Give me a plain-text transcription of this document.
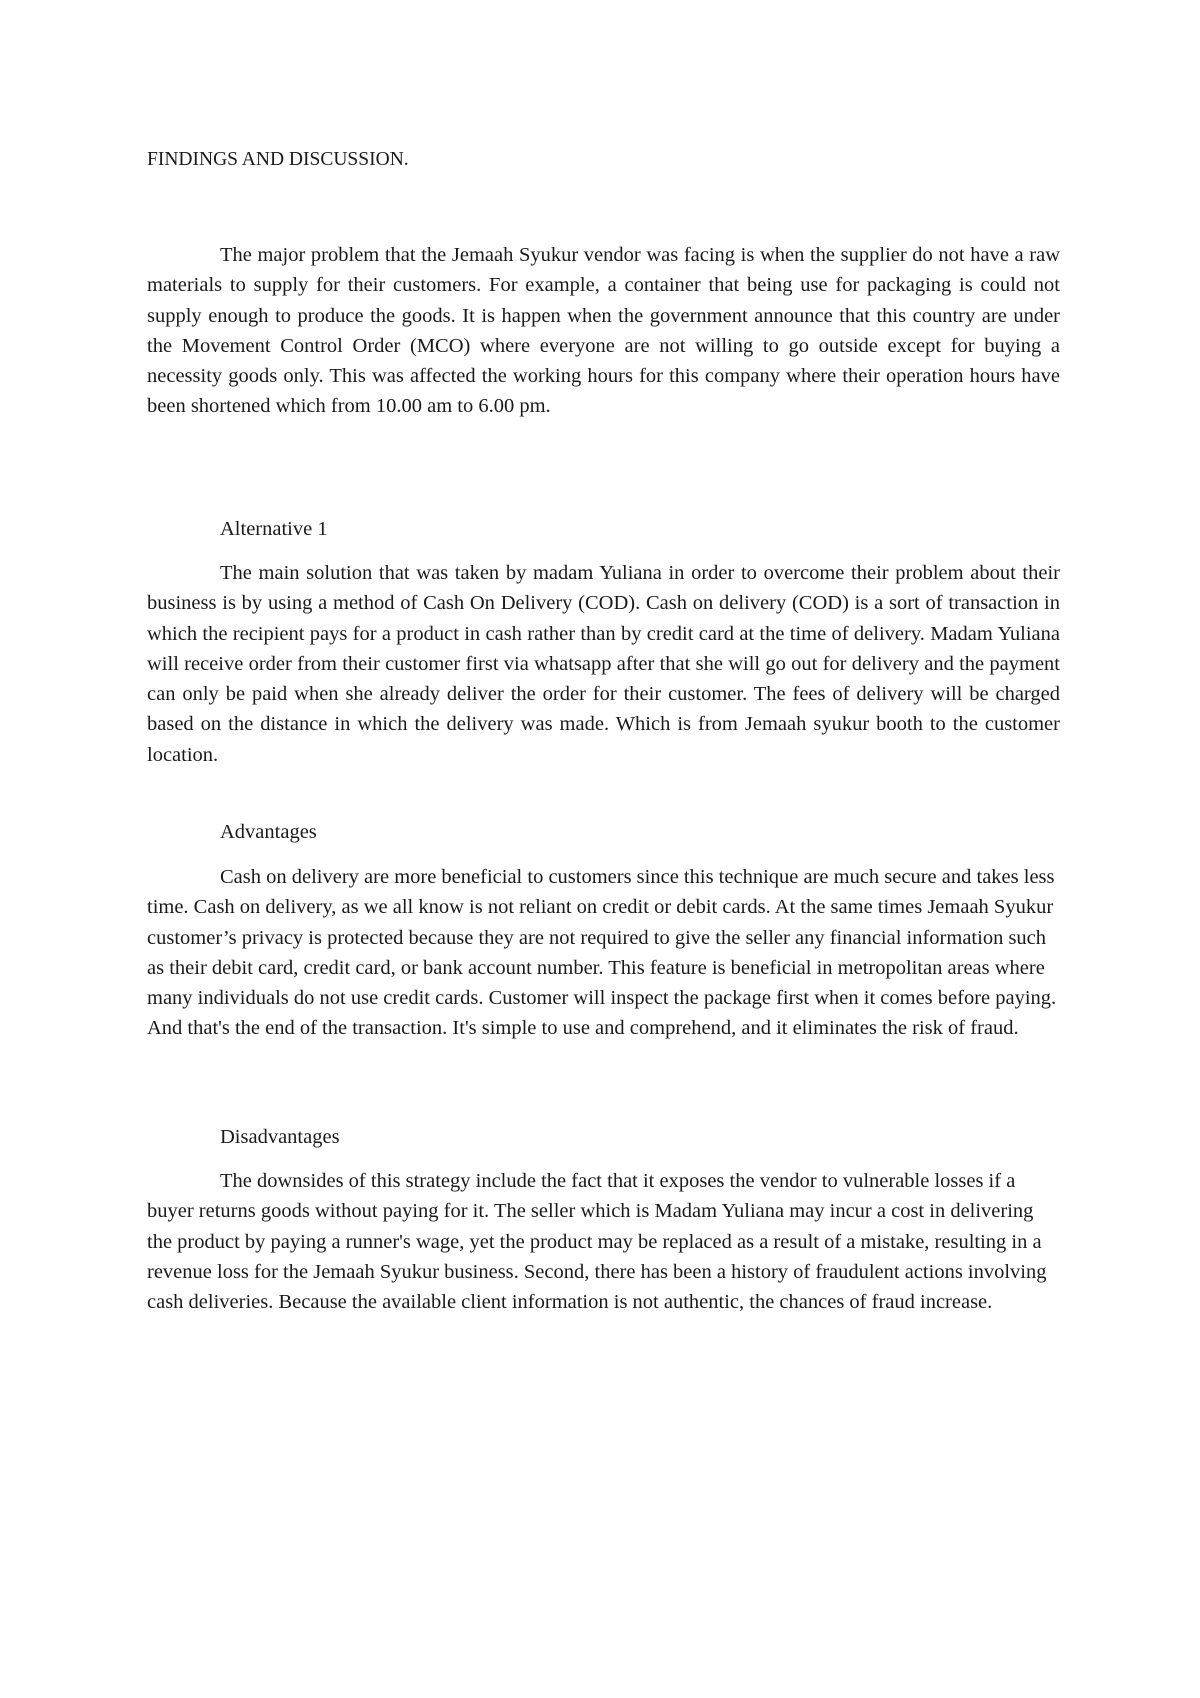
FINDINGS AND DISCUSSION.

The major problem that the Jemaah Syukur vendor was facing is when the supplier do not have a raw materials to supply for their customers. For example, a container that being use for packaging is could not supply enough to produce the goods. It is happen when the government announce that this country are under the Movement Control Order (MCO) where everyone are not willing to go outside except for buying a necessity goods only. This was affected the working hours for this company where their operation hours have been shortened which from 10.00 am to 6.00 pm.

Alternative 1

The main solution that was taken by madam Yuliana in order to overcome their problem about their business is by using a method of Cash On Delivery (COD). Cash on delivery (COD) is a sort of transaction in which the recipient pays for a product in cash rather than by credit card at the time of delivery. Madam Yuliana will receive order from their customer first via whatsapp after that she will go out for delivery and the payment can only be paid when she already deliver the order for their customer. The fees of delivery will be charged based on the distance in which the delivery was made. Which is from Jemaah syukur booth to the customer location.

Advantages

Cash on delivery are more beneficial to customers since this technique are much secure and takes less time. Cash on delivery, as we all know is not reliant on credit or debit cards. At the same times Jemaah Syukur customer’s privacy is protected because they are not required to give the seller any financial information such as their debit card, credit card, or bank account number. This feature is beneficial in metropolitan areas where many individuals do not use credit cards. Customer will inspect the package first when it comes before paying. And that's the end of the transaction. It's simple to use and comprehend, and it eliminates the risk of fraud.

Disadvantages

The downsides of this strategy include the fact that it exposes the vendor to vulnerable losses if a buyer returns goods without paying for it. The seller which is Madam Yuliana may incur a cost in delivering the product by paying a runner's wage, yet the product may be replaced as a result of a mistake, resulting in a revenue loss for the Jemaah Syukur business. Second, there has been a history of fraudulent actions involving cash deliveries. Because the available client information is not authentic, the chances of fraud increase.
